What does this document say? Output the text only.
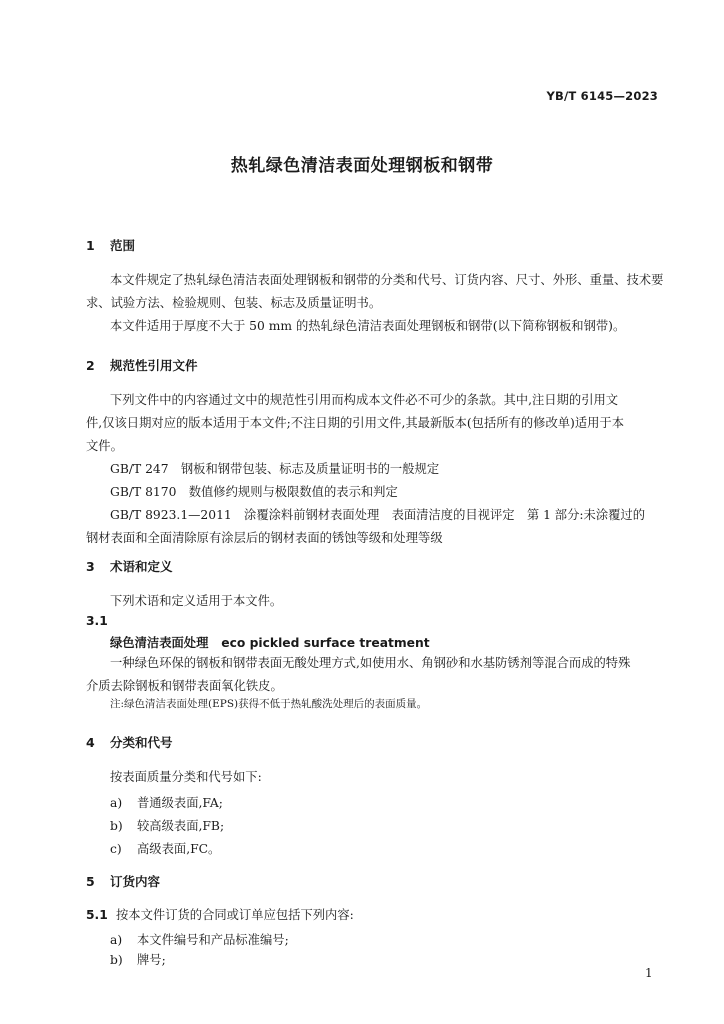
YB/T 6145—2023
热轧绿色清洁表面处理钢板和钢带
1 范围
本文件规定了热轧绿色清洁表面处理钢板和钢带的分类和代号、订货内容、尺寸、外形、重量、技术要
求、试验方法、检验规则、包装、标志及质量证明书。
本文件适用于厚度不大于 50 mm 的热轧绿色清洁表面处理钢板和钢带(以下简称钢板和钢带)。
2 规范性引用文件
下列文件中的内容通过文中的规范性引用而构成本文件必不可少的条款。其中,注日期的引用文
件,仅该日期对应的版本适用于本文件;不注日期的引用文件,其最新版本(包括所有的修改单)适用于本
文件。
GB/T 247　钢板和钢带包装、标志及质量证明书的一般规定
GB/T 8170　数值修约规则与极限数值的表示和判定
GB/T 8923.1—2011　涂覆涂料前钢材表面处理　表面清洁度的目视评定　第 1 部分:未涂覆过的
钢材表面和全面清除原有涂层后的钢材表面的锈蚀等级和处理等级
3 术语和定义
下列术语和定义适用于本文件。
3.1
绿色清洁表面处理 eco pickled surface treatment
一种绿色环保的钢板和钢带表面无酸处理方式,如使用水、角钢砂和水基防锈剂等混合而成的特殊
介质去除钢板和钢带表面氧化铁皮。
注:绿色清洁表面处理(EPS)获得不低于热轧酸洗处理后的表面质量。
4 分类和代号
按表面质量分类和代号如下:
a) 普通级表面,FA;
b) 较高级表面,FB;
c) 高级表面,FC。
5 订货内容
5.1 按本文件订货的合同或订单应包括下列内容:
a) 本文件编号和产品标准编号;
b) 牌号;
1
